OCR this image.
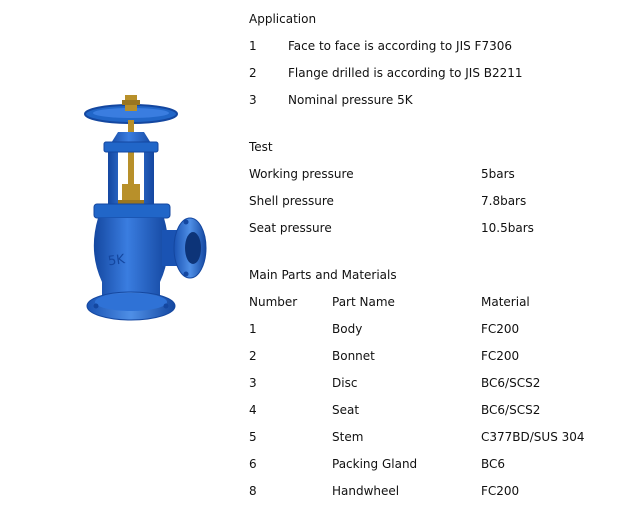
5K
Application
1	Face to face is according to JIS F7306
2	Flange drilled is according to JIS B2211
3	Nominal pressure 5K
Test
Working pressure	5bars
Shell pressure	7.8bars
Seat pressure	10.5bars
Main Parts and Materials
Number	Part Name	Material
1	Body	FC200
2	Bonnet	FC200
3	Disc	BC6/SCS2
4	Seat	BC6/SCS2
5	Stem	C377BD/SUS 304
6	Packing Gland	BC6
8	Handwheel	FC200
